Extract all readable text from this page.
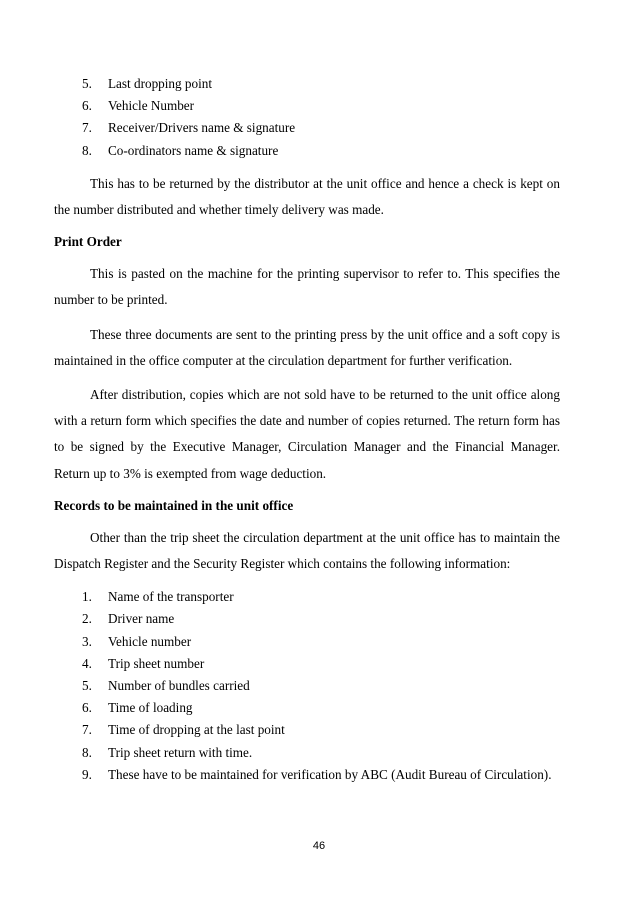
5.	Last dropping point
6.	Vehicle Number
7.	Receiver/Drivers name & signature
8.	Co-ordinators name & signature

This has to be returned by the distributor at the unit office and hence a check is kept on the number distributed and whether timely delivery was made.

Print Order

This is pasted on the machine for the printing supervisor to refer to. This specifies the number to be printed.

These three documents are sent to the printing press by the unit office and a soft copy is maintained in the office computer at the circulation department for further verification.

After distribution, copies which are not sold have to be returned to the unit office along with a return form which specifies the date and number of copies returned. The return form has to be signed by the Executive Manager, Circulation Manager and the Financial Manager. Return up to 3% is exempted from wage deduction.

Records to be maintained in the unit office

Other than the trip sheet the circulation department at the unit office has to maintain the Dispatch Register and the Security Register which contains the following information:

1.	Name of the transporter
2.	Driver name
3.	Vehicle number
4.	Trip sheet number
5.	Number of bundles carried
6.	Time of loading
7.	Time of dropping at the last point
8.	Trip sheet return with time.
9.	These have to be maintained for verification by ABC (Audit Bureau of Circulation).
46
